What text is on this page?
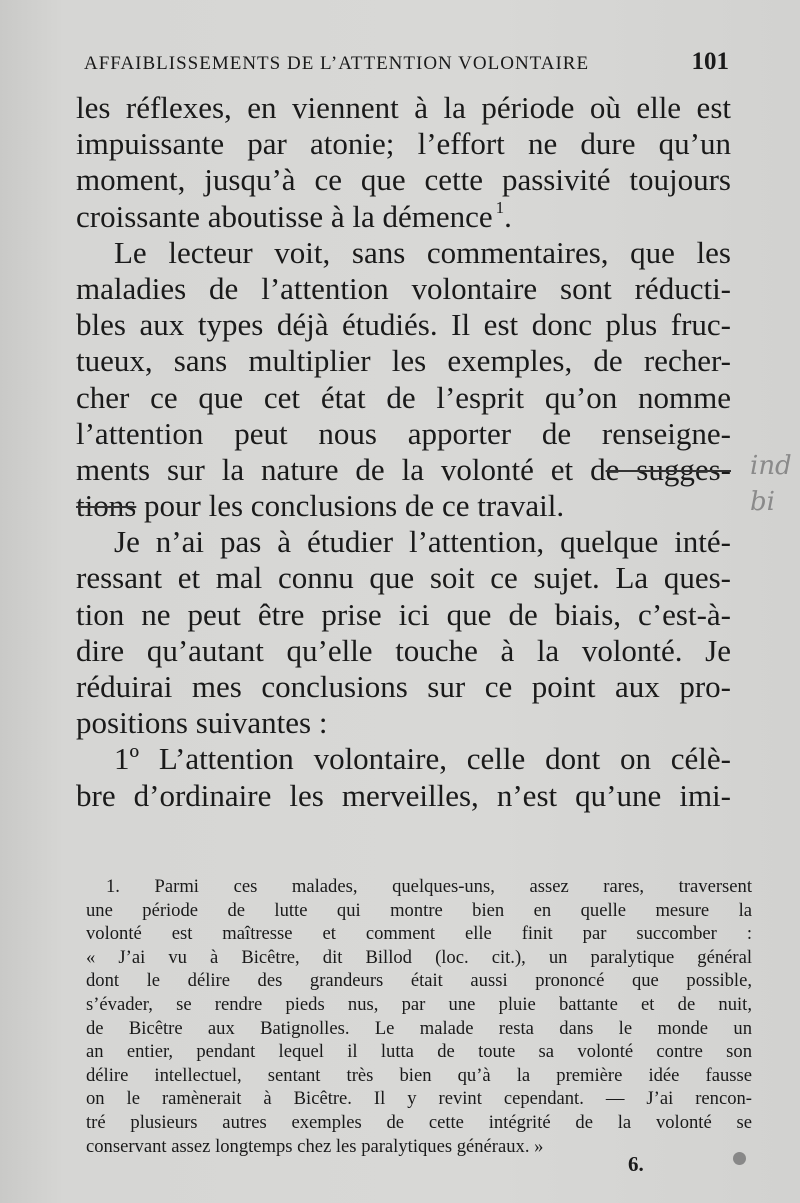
AFFAIBLISSEMENTS DE L’ATTENTION VOLONTAIRE	101
les réflexes, en viennent à la période où elle est
impuissante par atonie; l’effort ne dure qu’un
moment, jusqu’à ce que cette passivité toujours
croissante aboutisse à la démence $^1$.
Le lecteur voit, sans commentaires, que les
maladies de l’attention volontaire sont réducti-
bles aux types déjà étudiés. Il est donc plus fruc-
tueux, sans multiplier les exemples, de recher-
cher ce que cet état de l’esprit qu’on nomme
l’attention peut nous apporter de renseigne-
ments sur la nature de la volonté et de sugges-
tions pour les conclusions de ce travail.
Je n’ai pas à étudier l’attention, quelque inté-
ressant et mal connu que soit ce sujet. La ques-
tion ne peut être prise ici que de biais, c’est-à-
dire qu’autant qu’elle touche à la volonté. Je
réduirai mes conclusions sur ce point aux pro-
positions suivantes :
1º L’attention volontaire, celle dont on célè-
bre d’ordinaire les merveilles, n’est qu’une imi-
ind
bi
1. Parmi ces malades, quelques-uns, assez rares, traversent
une période de lutte qui montre bien en quelle mesure la
volonté est maîtresse et comment elle finit par succomber :
« J’ai vu à Bicêtre, dit Billod (loc. cit.), un paralytique général
dont le délire des grandeurs était aussi prononcé que possible,
s’évader, se rendre pieds nus, par une pluie battante et de nuit,
de Bicêtre aux Batignolles. Le malade resta dans le monde un
an entier, pendant lequel il lutta de toute sa volonté contre son
délire intellectuel, sentant très bien qu’à la première idée fausse
on le ramènerait à Bicêtre. Il y revint cependant. — J’ai rencon-
tré plusieurs autres exemples de cette intégrité de la volonté se
conservant assez longtemps chez les paralytiques généraux. »
6.
